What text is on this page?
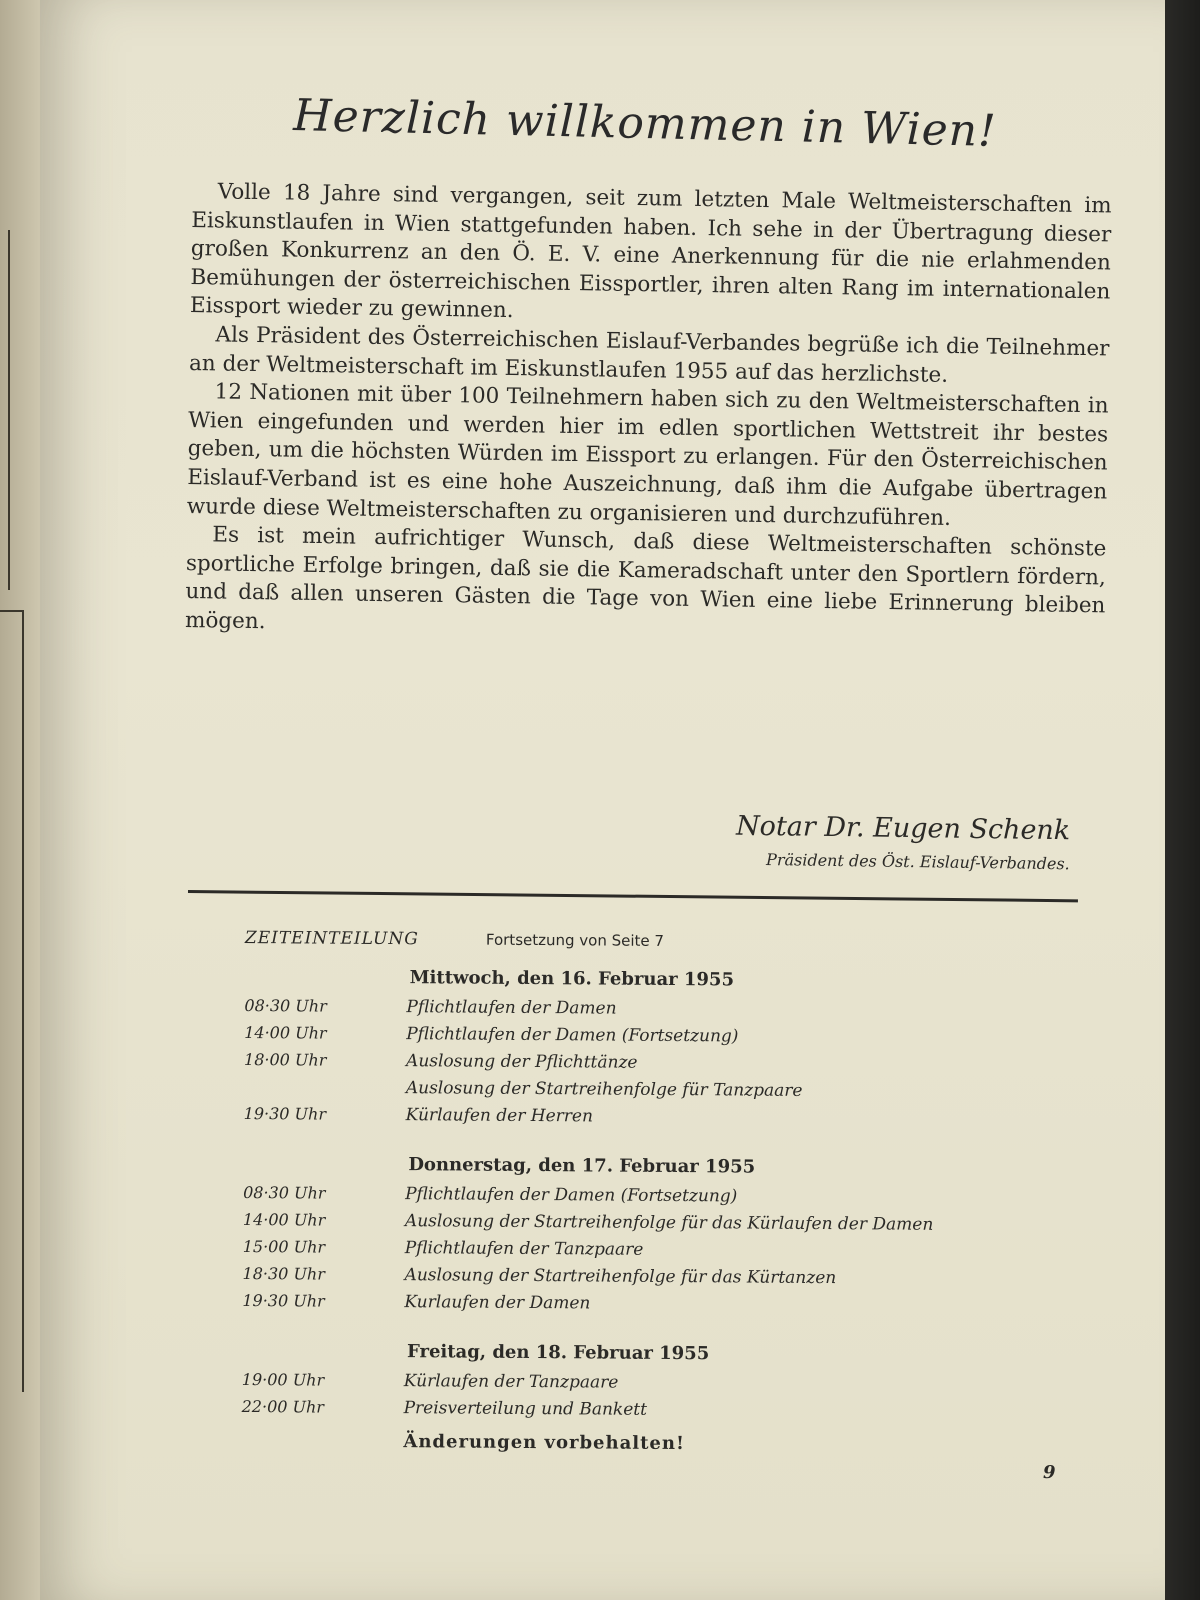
Herzlich willkommen in Wien!

Volle 18 Jahre sind vergangen, seit zum letzten Male Weltmeisterschaften im Eiskunstlaufen in Wien stattgefunden haben. Ich sehe in der Übertragung dieser großen Konkurrenz an den Ö. E. V. eine Anerkennung für die nie erlahmenden Bemühungen der österreichischen Eissportler, ihren alten Rang im internationalen Eissport wieder zu gewinnen.

Als Präsident des Österreichischen Eislauf-Verbandes begrüße ich die Teilnehmer an der Weltmeisterschaft im Eiskunstlaufen 1955 auf das herzlichste.

12 Nationen mit über 100 Teilnehmern haben sich zu den Weltmeisterschaften in Wien eingefunden und werden hier im edlen sportlichen Wettstreit ihr bestes geben, um die höchsten Würden im Eissport zu erlangen. Für den Österreichischen Eislauf-Verband ist es eine hohe Auszeichnung, daß ihm die Aufgabe übertragen wurde diese Weltmeisterschaften zu organisieren und durchzuführen.

Es ist mein aufrichtiger Wunsch, daß diese Weltmeisterschaften schönste sportliche Erfolge bringen, daß sie die Kameradschaft unter den Sportlern fördern, und daß allen unseren Gästen die Tage von Wien eine liebe Erinnerung bleiben mögen.

Notar Dr. Eugen Schenk
Präsident des Öst. Eislauf-Verbandes.
ZEITEINTEILUNG	Fortsetzung von Seite 7
Mittwoch, den 16. Februar 1955
08·30 Uhr	Pflichtlaufen der Damen
14·00 Uhr	Pflichtlaufen der Damen (Fortsetzung)
18·00 Uhr	Auslosung der Pflichttänze
Auslosung der Startreihenfolge für Tanzpaare
19·30 Uhr	Kürlaufen der Herren
Donnerstag, den 17. Februar 1955
08·30 Uhr	Pflichtlaufen der Damen (Fortsetzung)
14·00 Uhr	Auslosung der Startreihenfolge für das Kürlaufen der Damen
15·00 Uhr	Pflichtlaufen der Tanzpaare
18·30 Uhr	Auslosung der Startreihenfolge für das Kürtanzen
19·30 Uhr	Kurlaufen der Damen
Freitag, den 18. Februar 1955
19·00 Uhr	Kürlaufen der Tanzpaare
22·00 Uhr	Preisverteilung und Bankett
Änderungen vorbehalten!
9
